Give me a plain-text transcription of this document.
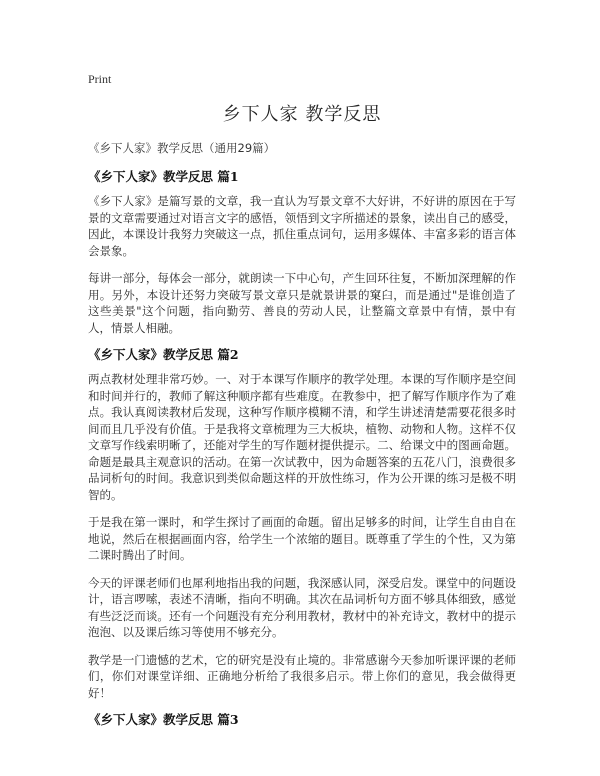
Print
乡下人家 教学反思
《乡下人家》教学反思（通用29篇）
《乡下人家》教学反思 篇1

《乡下人家》是篇写景的文章，我一直认为写景文章不大好讲，不好讲的原因在于写景的文章需要通过对语言文字的感悟，领悟到文字所描述的景象，读出自己的感受，因此，本课设计我努力突破这一点，抓住重点词句，运用多媒体、丰富多彩的语言体会景象。

每讲一部分，每体会一部分，就朗读一下中心句，产生回环往复，不断加深理解的作用。另外，本设计还努力突破写景文章只是就景讲景的窠臼，而是通过"是谁创造了这些美景"这个问题，指向勤劳、善良的劳动人民，让整篇文章景中有情，景中有人，情景人相融。

《乡下人家》教学反思 篇2

两点教材处理非常巧妙。一、对于本课写作顺序的教学处理。本课的写作顺序是空间和时间并行的，教师了解这种顺序都有些难度。在教参中，把了解写作顺序作为了难点。我认真阅读教材后发现，这种写作顺序模糊不清，和学生讲述清楚需要花很多时间而且几乎没有价值。于是我将文章梳理为三大板块，植物、动物和人物。这样不仅文章写作线索明晰了，还能对学生的写作题材提供提示。二、给课文中的图画命题。命题是最具主观意识的活动。在第一次试教中，因为命题答案的五花八门，浪费很多品词析句的时间。我意识到类似命题这样的开放性练习，作为公开课的练习是极不明智的。

于是我在第一课时，和学生探讨了画面的命题。留出足够多的时间，让学生自由自在地说，然后在根据画面内容，给学生一个浓缩的题目。既尊重了学生的个性，又为第二课时腾出了时间。

今天的评课老师们也犀利地指出我的问题，我深感认同，深受启发。课堂中的问题设计，语言啰嗦，表述不清晰，指向不明确。其次在品词析句方面不够具体细致，感觉有些泛泛而谈。还有一个问题没有充分利用教材，教材中的补充诗文，教材中的提示泡泡、以及课后练习等使用不够充分。

教学是一门遗憾的艺术，它的研究是没有止境的。非常感谢今天参加听课评课的老师们，你们对课堂详细、正确地分析给了我很多启示。带上你们的意见，我会做得更好！

《乡下人家》教学反思 篇3
